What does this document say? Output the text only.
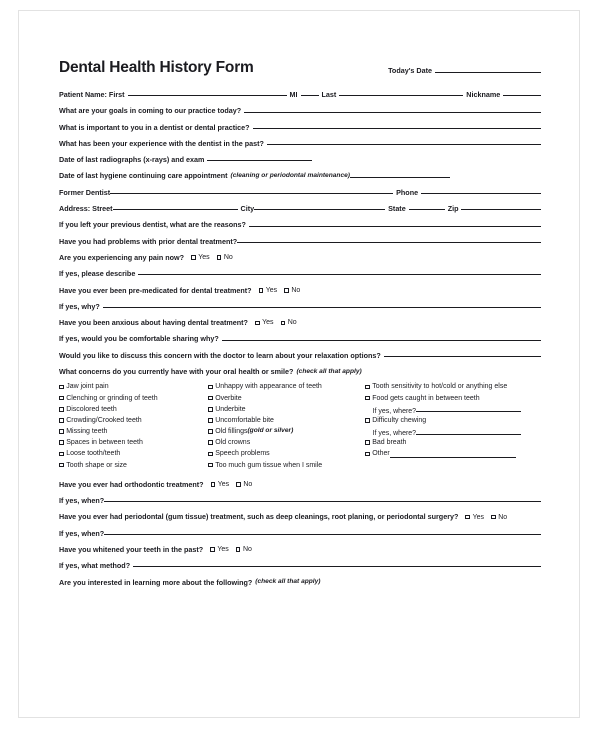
Dental Health History Form	Today's Date
Patient Name: First	MI	Last	Nickname
What are your goals in coming to our practice today?
What is important to you in a dentist or dental practice?
What has been your experience with the dentist in the past?
Date of last radiographs (x-rays) and exam
Date of last hygiene continuing care appointment (cleaning or periodontal maintenance)
Former Dentist	Phone
Address: Street	City	State	Zip
If you left your previous dentist, what are the reasons?
Have you had problems with prior dental treatment?
Are you experiencing any pain now? Yes No
If yes, please describe
Have you ever been pre-medicated for dental treatment? Yes No
If yes, why?
Have you been anxious about having dental treatment? Yes No
If yes, would you be comfortable sharing why?
Would you like to discuss this concern with the doctor to learn about your relaxation options?
What concerns do you currently have with your oral health or smile? (check all that apply)
Jaw joint pain
Clenching or grinding of teeth
Discolored teeth
Crowding/Crooked teeth
Missing teeth
Spaces in between teeth
Loose tooth/teeth
Tooth shape or size
Unhappy with appearance of teeth
Overbite
Underbite
Uncomfortable bite
Old fillings (gold or silver)
Old crowns
Speech problems
Too much gum tissue when I smile
Tooth sensitivity to hot/cold or anything else
Food gets caught in between teeth
If yes, where?
Difficulty chewing
If yes, where?
Bad breath
Other
Have you ever had orthodontic treatment? Yes No
If yes, when?
Have you ever had periodontal (gum tissue) treatment, such as deep cleanings, root planing, or periodontal surgery? Yes No
If yes, when?
Have you whitened your teeth in the past? Yes No
If yes, what method?
Are you interested in learning more about the following? (check all that apply)
